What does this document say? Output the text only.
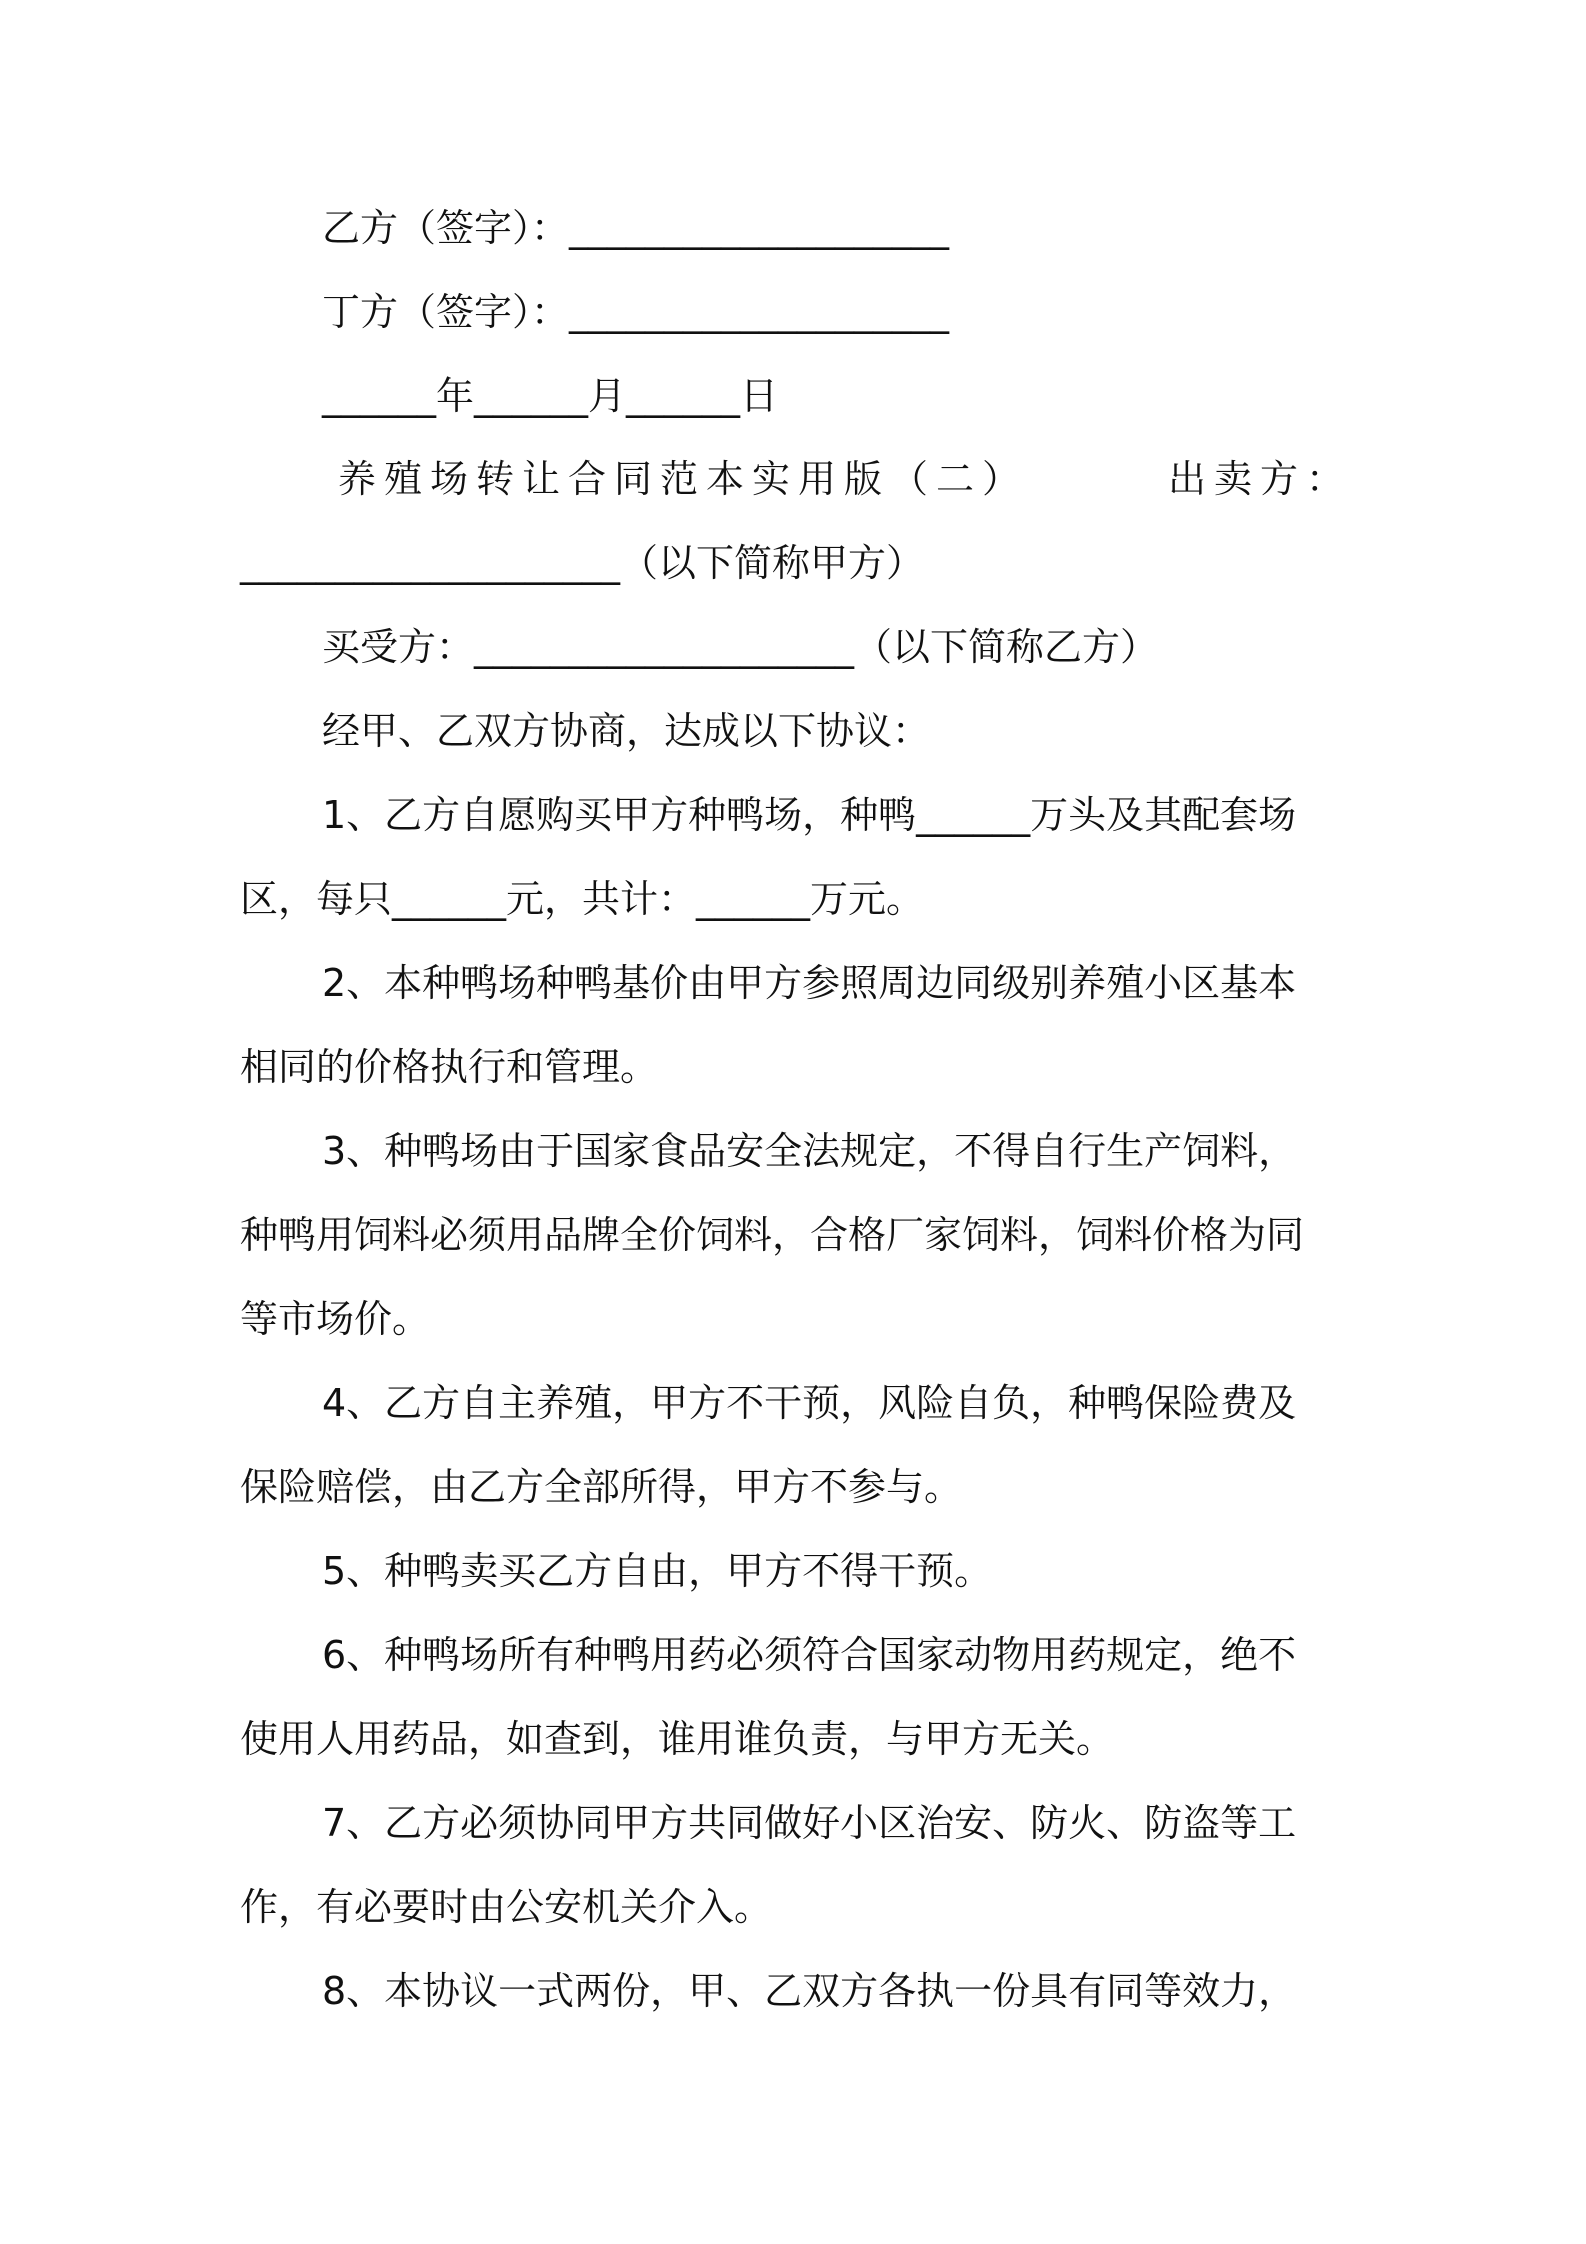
乙方（签字）：____________________
丁方（签字）：____________________
______年______月______日
养殖场转让合同范本实用版（二）	出卖方：
____________________（以下简称甲方）
买受方：____________________（以下简称乙方）
经甲、乙双方协商，达成以下协议：
1、乙方自愿购买甲方种鸭场，种鸭______万头及其配套场
区，每只______元，共计：______万元。
2、本种鸭场种鸭基价由甲方参照周边同级别养殖小区基本
相同的价格执行和管理。
3、种鸭场由于国家食品安全法规定，不得自行生产饲料，
种鸭用饲料必须用品牌全价饲料，合格厂家饲料，饲料价格为同
等市场价。
4、乙方自主养殖，甲方不干预，风险自负，种鸭保险费及
保险赔偿，由乙方全部所得，甲方不参与。
5、种鸭卖买乙方自由，甲方不得干预。
6、种鸭场所有种鸭用药必须符合国家动物用药规定，绝不
使用人用药品，如查到，谁用谁负责，与甲方无关。
7、乙方必须协同甲方共同做好小区治安、防火、防盗等工
作，有必要时由公安机关介入。
8、本协议一式两份，甲、乙双方各执一份具有同等效力，
